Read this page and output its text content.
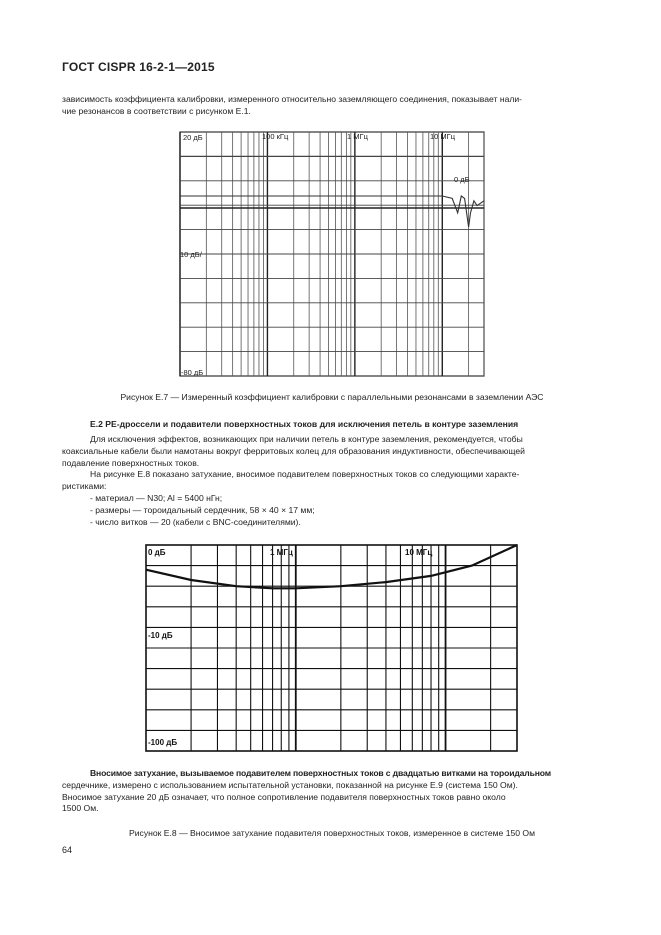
ГОСТ CISPR 16-2-1—2015
зависимость коэффициента калибровки, измеренного относительно заземляющего соединения, показывает нали-
чие резонансов в соответствии с рисунком Е.1.
20 дБ
10 дБ/
-80 дБ
100 кГц	1 МГц	10 МГц
0 дБ
Рисунок Е.7 — Измеренный коэффициент калибровки с параллельными резонансами в заземлении АЭС
Е.2 РЕ-дроссели и подавители поверхностных токов для исключения петель в контуре заземления
Для исключения эффектов, возникающих при наличии петель в контуре заземления, рекомендуется, чтобы
коаксиальные кабели были намотаны вокруг ферритовых колец для образования индуктивности, обеспечивающей
подавление поверхностных токов.
На рисунке Е.8 показано затухание, вносимое подавителем поверхностных токов со следующими характе-
ристиками:
- материал — N30; Al = 5400 нГн;
- размеры — тороидальный сердечник, 58 × 40 × 17 мм;
- число витков — 20 (кабели с BNC-соединителями).
0 дБ	1 МГц	10 МГц
-10 дБ
-100 дБ
Вносимое затухание, вызываемое подавителем поверхностных токов с двадцатью витками на тороидальном
сердечнике, измерено с использованием испытательной установки, показанной на рисунке Е.9 (система 150 Ом).
Вносимое затухание 20 дБ означает, что полное сопротивление подавителя поверхностных токов равно около
1500 Ом.
Рисунок Е.8 — Вносимое затухание подавителя поверхностных токов, измеренное в системе 150 Ом
64
